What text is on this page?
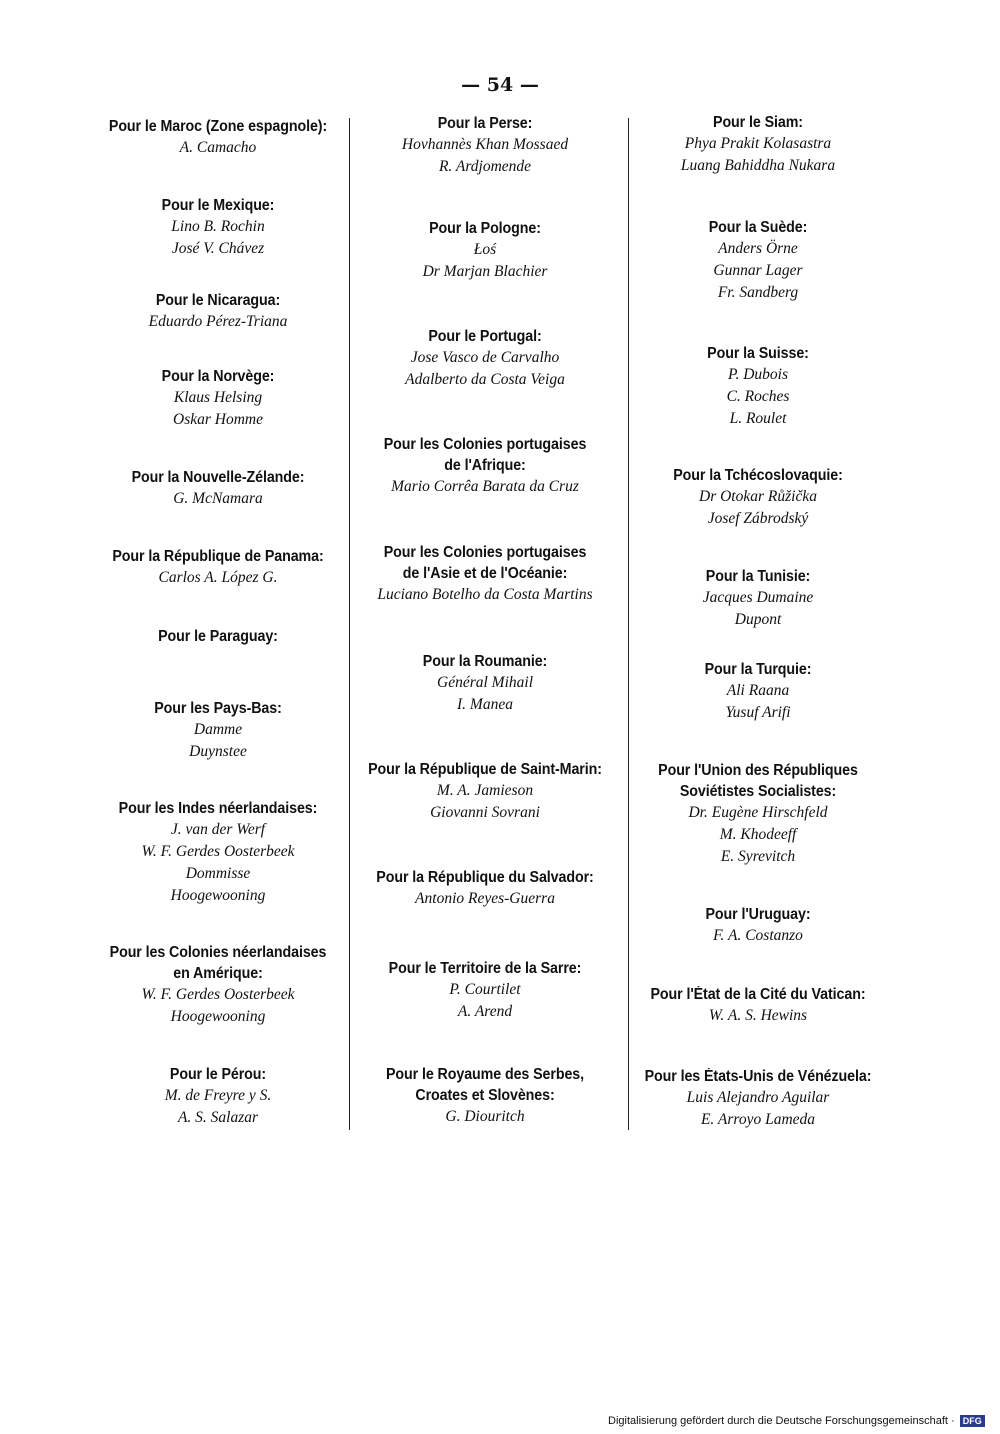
— 54 —
Pour le Maroc (Zone espagnole):
A. Camacho
Pour le Mexique:
Lino B. Rochin
José V. Chávez
Pour le Nicaragua:
Eduardo Pérez-Triana
Pour la Norvège:
Klaus Helsing
Oskar Homme
Pour la Nouvelle-Zélande:
G. McNamara
Pour la République de Panama:
Carlos A. López G.
Pour le Paraguay:
Pour les Pays-Bas:
Damme
Duynstee
Pour les Indes néerlandaises:
J. van der Werf
W. F. Gerdes Oosterbeek
Dommisse
Hoogewooning
Pour les Colonies néerlandaises
en Amérique:
W. F. Gerdes Oosterbeek
Hoogewooning
Pour le Pérou:
M. de Freyre y S.
A. S. Salazar
Pour la Perse:
Hovhannès Khan Mossaed
R. Ardjomende
Pour la Pologne:
Łoś
Dr Marjan Blachier
Pour le Portugal:
Jose Vasco de Carvalho
Adalberto da Costa Veiga
Pour les Colonies portugaises
de l'Afrique:
Mario Corrêa Barata da Cruz
Pour les Colonies portugaises
de l'Asie et de l'Océanie:
Luciano Botelho da Costa Martins
Pour la Roumanie:
Général Mihail
I. Manea
Pour la République de Saint-Marin:
M. A. Jamieson
Giovanni Sovrani
Pour la République du Salvador:
Antonio Reyes-Guerra
Pour le Territoire de la Sarre:
P. Courtilet
A. Arend
Pour le Royaume des Serbes,
Croates et Slovènes:
G. Diouritch
Pour le Siam:
Phya Prakit Kolasastra
Luang Bahiddha Nukara
Pour la Suède:
Anders Örne
Gunnar Lager
Fr. Sandberg
Pour la Suisse:
P. Dubois
C. Roches
L. Roulet
Pour la Tchécoslovaquie:
Dr Otokar Růžička
Josef Zábrodský
Pour la Tunisie:
Jacques Dumaine
Dupont
Pour la Turquie:
Ali Raana
Yusuf Arifi
Pour l'Union des Républiques
Soviétistes Socialistes:
Dr. Eugène Hirschfeld
M. Khodeeff
E. Syrevitch
Pour l'Uruguay:
F. A. Costanzo
Pour l'État de la Cité du Vatican:
W. A. S. Hewins
Pour les États-Unis de Vénézuela:
Luis Alejandro Aguilar
E. Arroyo Lameda
Digitalisierung gefördert durch die Deutsche Forschungsgemeinschaft · DFG
